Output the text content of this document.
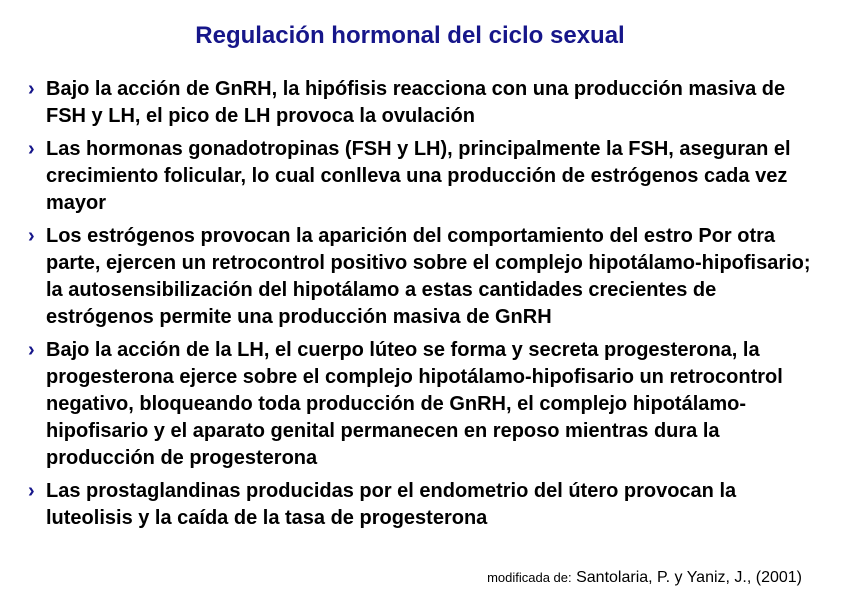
Regulación hormonal del ciclo sexual
› Bajo la acción de GnRH, la hipófisis reacciona con una producción masiva de FSH y LH, el pico de LH provoca la ovulación
› Las hormonas gonadotropinas (FSH y LH), principalmente la FSH, aseguran el crecimiento folicular, lo cual conlleva una producción de estrógenos cada vez mayor
› Los estrógenos provocan la aparición del comportamiento del estro Por otra parte, ejercen un retrocontrol positivo sobre el complejo hipotálamo-hipofisario; la autosensibilización del hipotálamo a estas cantidades crecientes de estrógenos permite una producción masiva de GnRH
› Bajo la acción de la LH, el cuerpo lúteo se forma y secreta progesterona, la progesterona ejerce sobre el complejo hipotálamo-hipofisario un retrocontrol negativo, bloqueando toda producción de GnRH, el complejo hipotálamo-hipofisario y el aparato genital permanecen en reposo mientras dura la producción de progesterona
› Las prostaglandinas producidas por el endometrio del útero provocan la luteolisis y la caída de la tasa de progesterona
modificada de: Santolaria, P. y Yaniz, J., (2001)
